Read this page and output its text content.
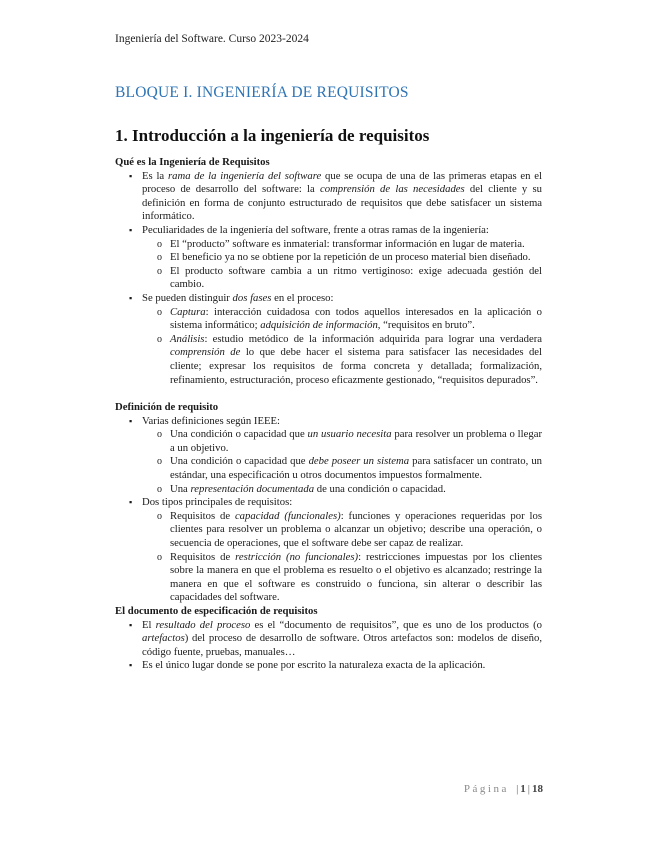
Ingeniería del Software. Curso 2023-2024
BLOQUE I. INGENIERÍA DE REQUISITOS
1. Introducción a la ingeniería de requisitos

Qué es la Ingeniería de Requisitos

▪ Es la rama de la ingeniería del software que se ocupa de una de las primeras etapas en el proceso de desarrollo del software: la comprensión de las necesidades del cliente y su definición en forma de conjunto estructurado de requisitos que debe satisfacer un sistema informático.
▪ Peculiaridades de la ingeniería del software, frente a otras ramas de la ingeniería:
o El “producto” software es inmaterial: transformar información en lugar de materia.
o El beneficio ya no se obtiene por la repetición de un proceso material bien diseñado.
o El producto software cambia a un ritmo vertiginoso: exige adecuada gestión del cambio.
▪ Se pueden distinguir dos fases en el proceso:
o Captura: interacción cuidadosa con todos aquellos interesados en la aplicación o sistema informático; adquisición de información, “requisitos en bruto”.
o Análisis: estudio metódico de la información adquirida para lograr una verdadera comprensión de lo que debe hacer el sistema para satisfacer las necesidades del cliente; expresar los requisitos de forma concreta y detallada; formalización, refinamiento, estructuración, proceso eficazmente gestionado, “requisitos depurados”.

Definición de requisito

▪ Varias definiciones según IEEE:
o Una condición o capacidad que un usuario necesita para resolver un problema o llegar a un objetivo.
o Una condición o capacidad que debe poseer un sistema para satisfacer un contrato, un estándar, una especificación u otros documentos impuestos formalmente.
o Una representación documentada de una condición o capacidad.
▪ Dos tipos principales de requisitos:
o Requisitos de capacidad (funcionales): funciones y operaciones requeridas por los clientes para resolver un problema o alcanzar un objetivo; describe una operación, o secuencia de operaciones, que el software debe ser capaz de realizar.
o Requisitos de restricción (no funcionales): restricciones impuestas por los clientes sobre la manera en que el problema es resuelto o el objetivo es alcanzado; restringe la manera en que el software es construido o funciona, sin alterar o describir las capacidades del software.

El documento de especificación de requisitos

▪ El resultado del proceso es el “documento de requisitos”, que es uno de los productos (o artefactos) del proceso de desarrollo de software. Otros artefactos son: modelos de diseño, código fuente, pruebas, manuales…
▪ Es el único lugar donde se pone por escrito la naturaleza exacta de la aplicación.
Página | 1 | 18
